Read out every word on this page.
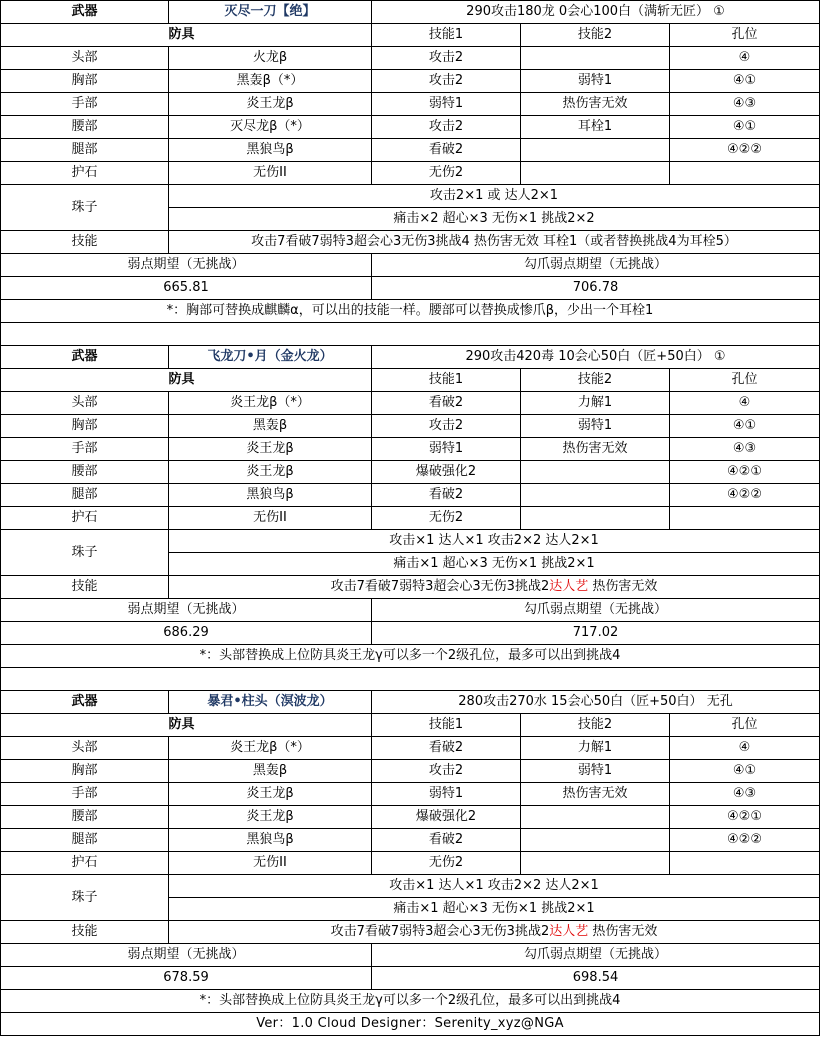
武器	灭尽一刀【绝】	290攻击180龙 0会心100白（满斩无匠） ①		
	防具	技能1	技能2	孔位
头部	火龙β	攻击2		④
胸部	黑轰β（*）	攻击2	弱特1	④①
手部	炎王龙β	弱特1	热伤害无效	④③
腰部	灭尽龙β（*）	攻击2	耳栓1	④①
腿部	黑狼鸟β	看破2		④②②
护石	无伤II	无伤2		
珠子	攻击2×1 或 达人2×1			
	痛击×2 超心×3 无伤×1 挑战2×2			
技能	攻击7看破7弱特3超会心3无伤3挑战4 热伤害无效 耳栓1（或者替换挑战4为耳栓5）			
弱点期望（无挑战）		勾爪弱点期望（无挑战）		
665.81		706.78		
*：胸部可替换成麒麟α，可以出的技能一样。腰部可以替换成惨爪β，少出一个耳栓1				

武器	飞龙刀•月（金火龙）	290攻击420毒 10会心50白（匠+50白） ①		
	防具	技能1	技能2	孔位
头部	炎王龙β（*）	看破2	力解1	④
胸部	黑轰β	攻击2	弱特1	④①
手部	炎王龙β	弱特1	热伤害无效	④③
腰部	炎王龙β	爆破强化2		④②①
腿部	黑狼鸟β	看破2		④②②
护石	无伤II	无伤2		
珠子	攻击×1 达人×1 攻击2×2 达人2×1			
	痛击×1 超心×3 无伤×1 挑战2×1			
技能	攻击7看破7弱特3超会心3无伤3挑战2达人艺 热伤害无效			
弱点期望（无挑战）		勾爪弱点期望（无挑战）		
686.29		717.02		
*：头部替换成上位防具炎王龙γ可以多一个2级孔位，最多可以出到挑战4				

武器	暴君•柱头（溟波龙）	280攻击270水 15会心50白（匠+50白） 无孔		
	防具	技能1	技能2	孔位
头部	炎王龙β（*）	看破2	力解1	④
胸部	黑轰β	攻击2	弱特1	④①
手部	炎王龙β	弱特1	热伤害无效	④③
腰部	炎王龙β	爆破强化2		④②①
腿部	黑狼鸟β	看破2		④②②
护石	无伤II	无伤2		
珠子	攻击×1 达人×1 攻击2×2 达人2×1			
	痛击×1 超心×3 无伤×1 挑战2×1			
技能	攻击7看破7弱特3超会心3无伤3挑战2达人艺 热伤害无效			
弱点期望（无挑战）		勾爪弱点期望（无挑战）		
678.59		698.54		
*：头部替换成上位防具炎王龙γ可以多一个2级孔位，最多可以出到挑战4				
Ver：1.0 Cloud Designer：Serenity_xyz@NGA				
